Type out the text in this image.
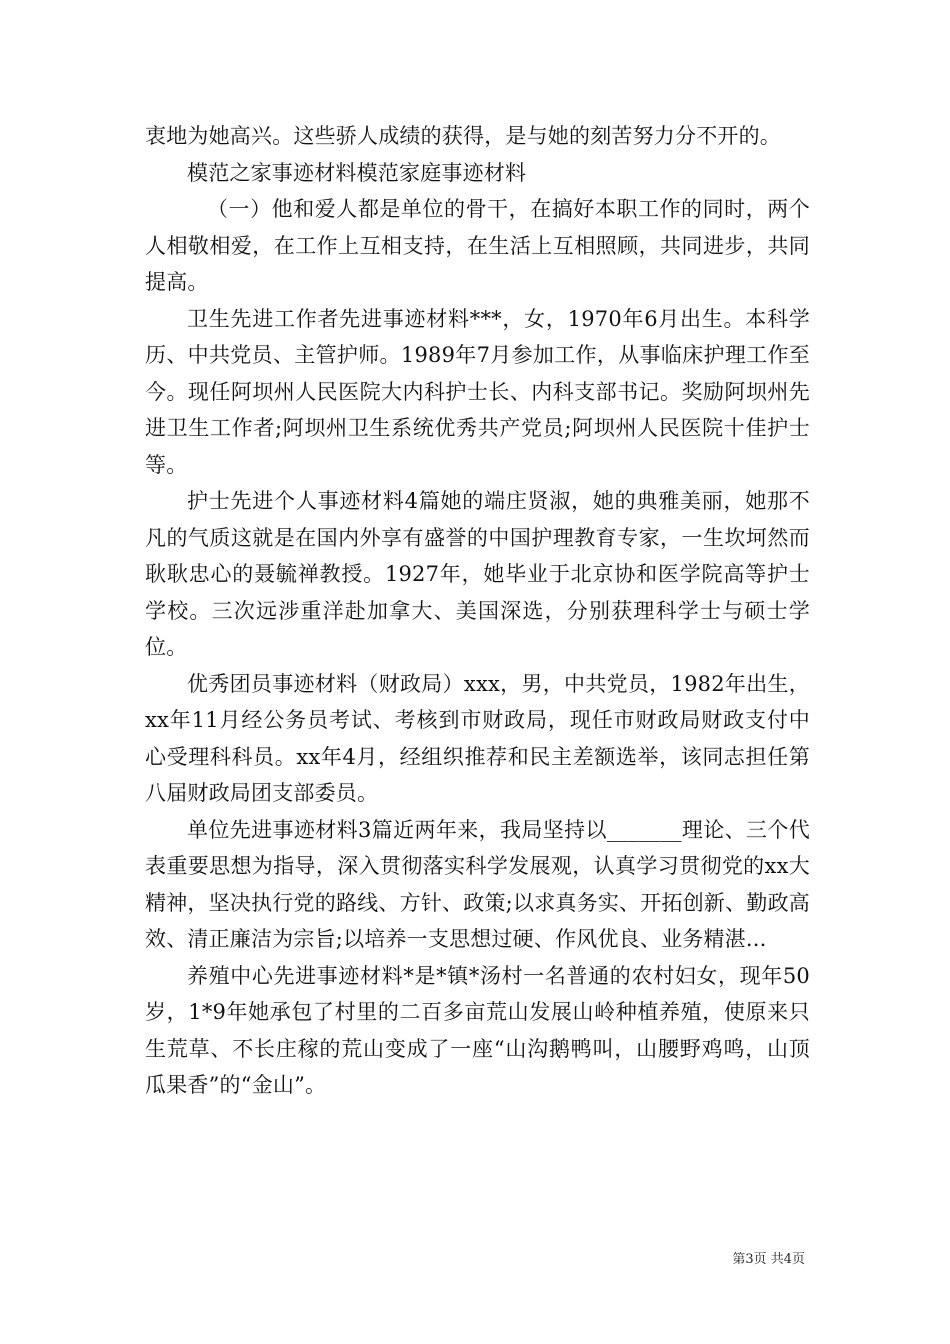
衷地为她高兴。这些骄人成绩的获得，是与她的刻苦努力分不开的。

模范之家事迹材料模范家庭事迹材料

（一）他和爱人都是单位的骨干，在搞好本职工作的同时，两个人相敬相爱，在工作上互相支持，在生活上互相照顾，共同进步，共同提高。

卫生先进工作者先进事迹材料***，女，1970年6月出生。本科学历、中共党员、主管护师。1989年7月参加工作，从事临床护理工作至今。现任阿坝州人民医院大内科护士长、内科支部书记。奖励阿坝州先进卫生工作者;阿坝州卫生系统优秀共产党员;阿坝州人民医院十佳护士等。

护士先进个人事迹材料4篇她的端庄贤淑，她的典雅美丽，她那不凡的气质这就是在国内外享有盛誉的中国护理教育专家，一生坎坷然而耿耿忠心的聂毓禅教授。1927年，她毕业于北京协和医学院高等护士学校。三次远涉重洋赴加拿大、美国深选，分别获理科学士与硕士学位。

优秀团员事迹材料（财政局）xxx，男，中共党员，1982年出生，xx年11月经公务员考试、考核到市财政局，现任市财政局财政支付中心受理科科员。xx年4月，经组织推荐和民主差额选举，该同志担任第八届财政局团支部委员。

单位先进事迹材料3篇近两年来，我局坚持以_______理论、三个代表重要思想为指导，深入贯彻落实科学发展观，认真学习贯彻党的xx大精神，坚决执行党的路线、方针、政策;以求真务实、开拓创新、勤政高效、清正廉洁为宗旨;以培养一支思想过硬、作风优良、业务精湛...

养殖中心先进事迹材料*是*镇*汤村一名普通的农村妇女，现年50岁，1*9年她承包了村里的二百多亩荒山发展山岭种植养殖，使原来只生荒草、不长庄稼的荒山变成了一座“山沟鹅鸭叫，山腰野鸡鸣，山顶瓜果香”的“金山”。

第3页 共4页
